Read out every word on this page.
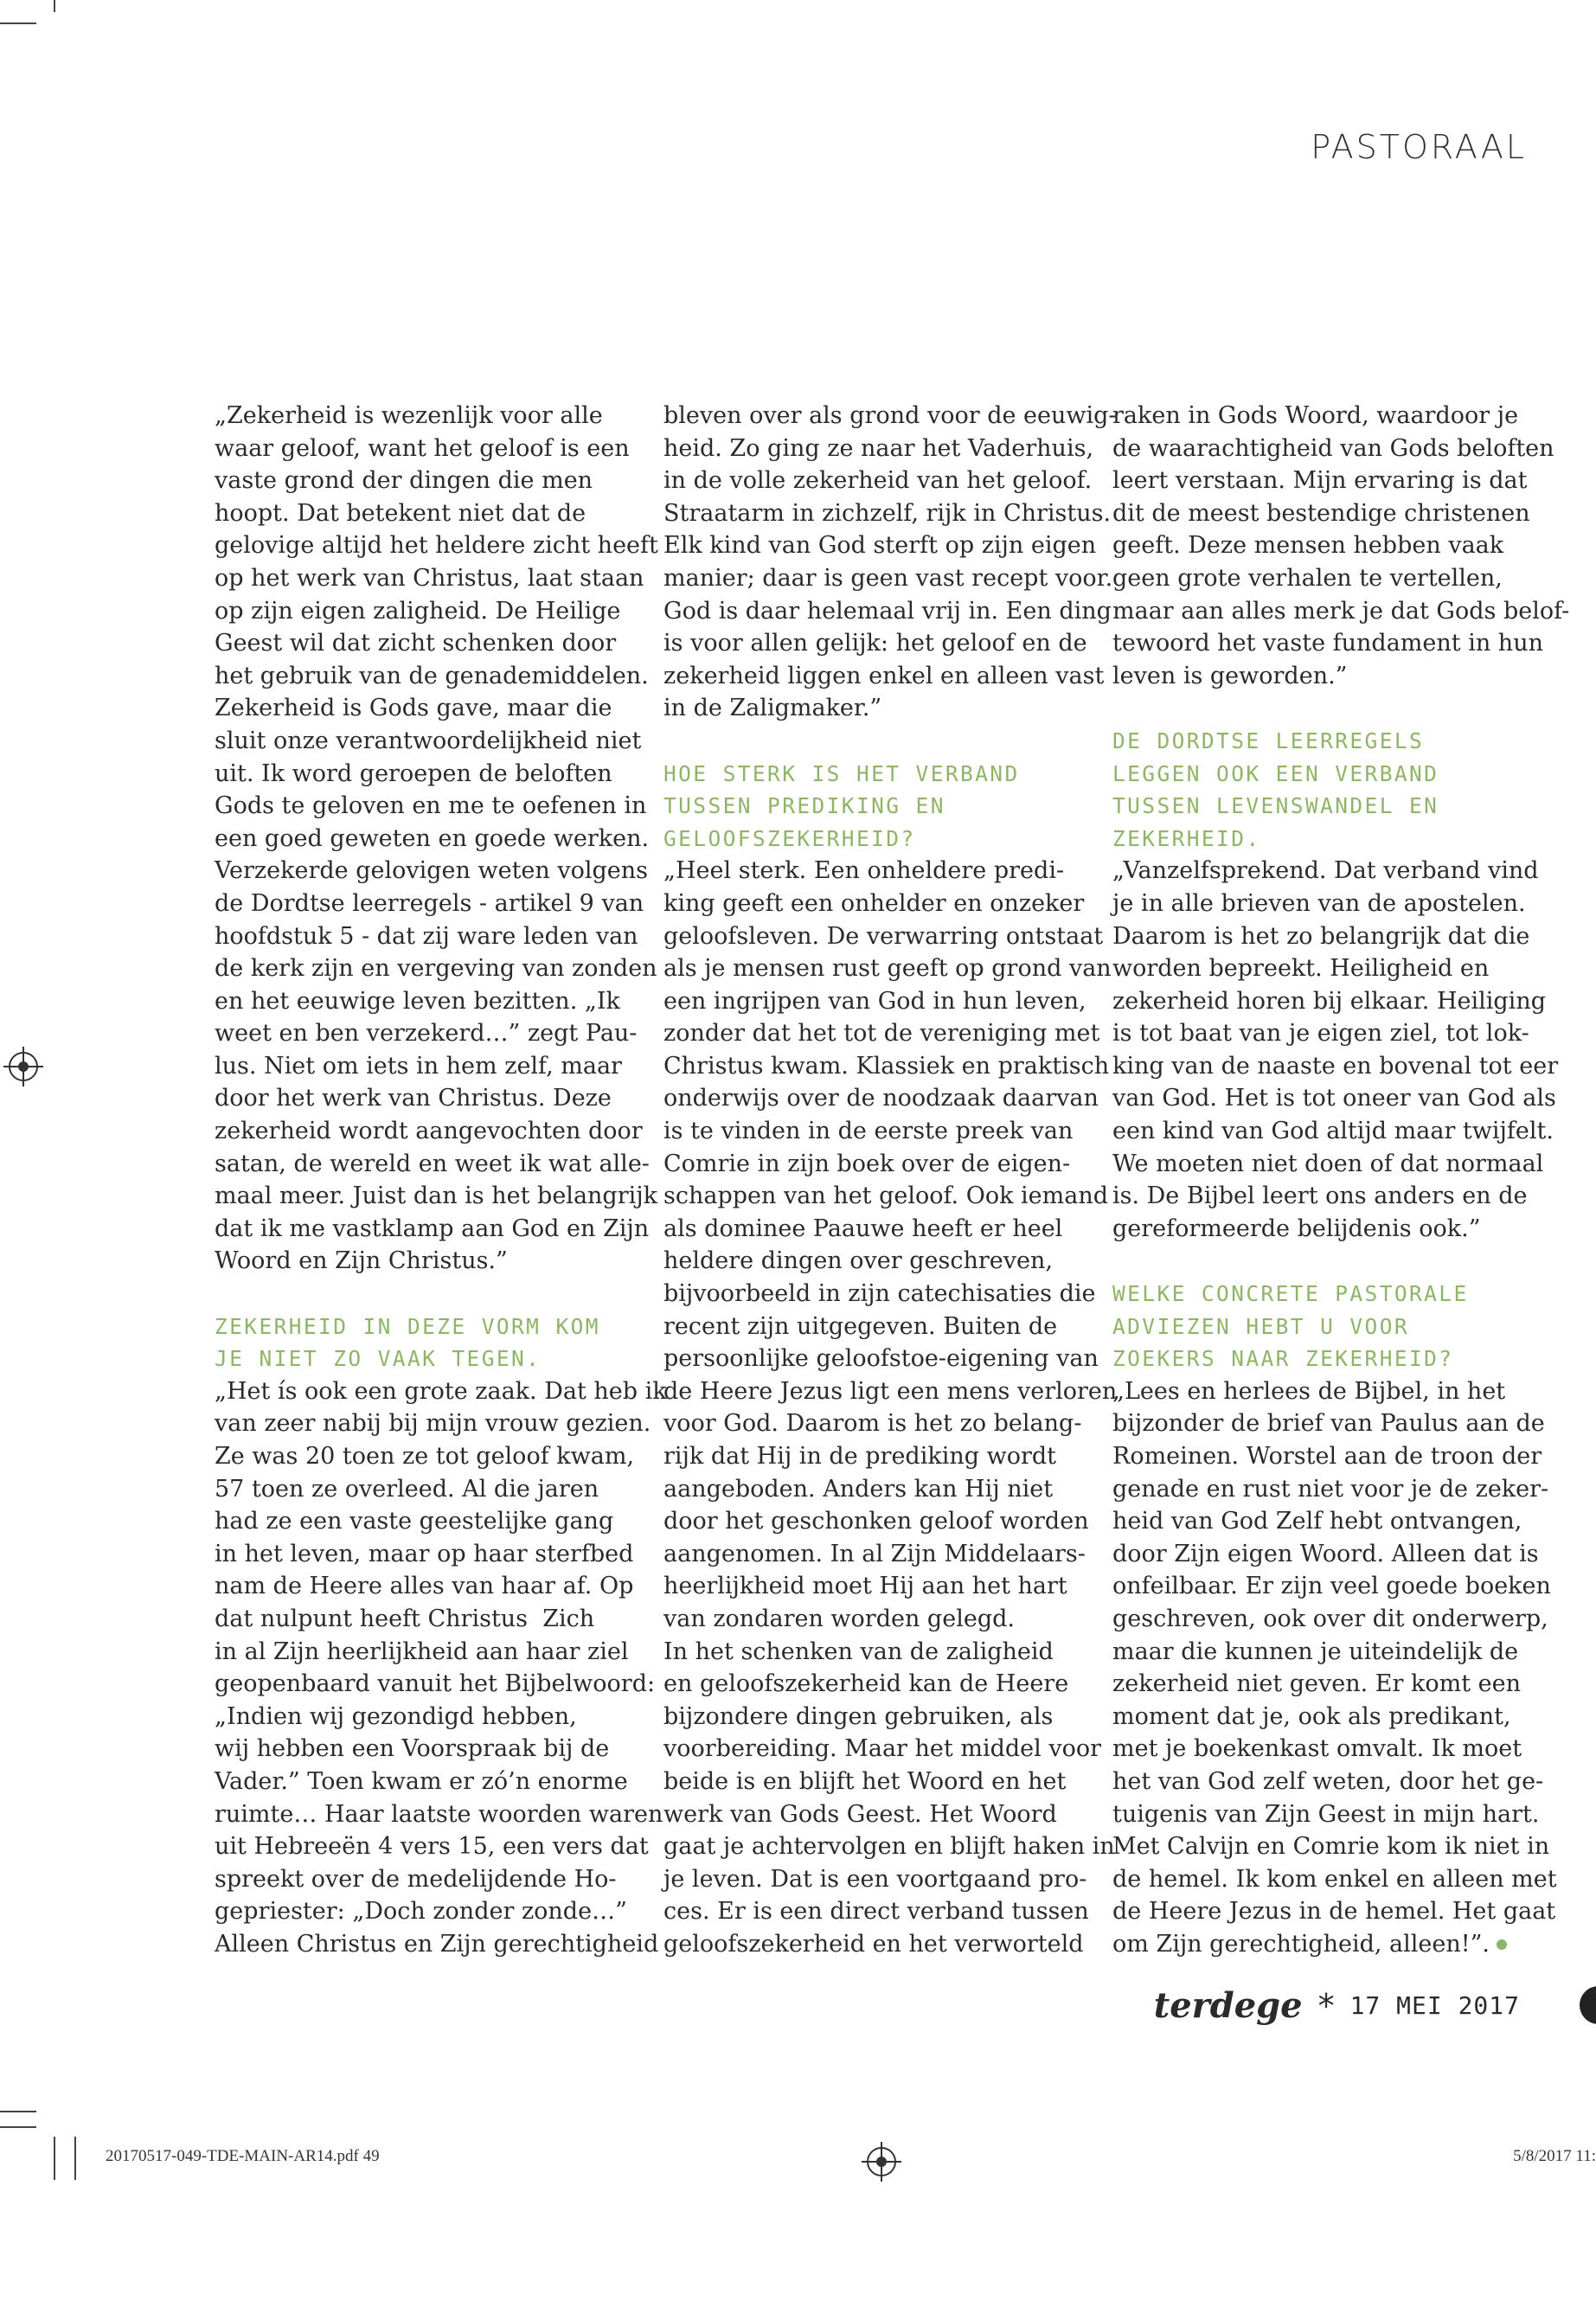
PASTORAAL

„Zekerheid is wezenlijk voor alle

waar geloof, want het geloof is een

vaste grond der dingen die men

hoopt. Dat betekent niet dat de

gelovige altijd het heldere zicht heeft

op het werk van Christus, laat staan

op zijn eigen zaligheid. De Heilige

Geest wil dat zicht schenken door

het gebruik van de genademiddelen.

Zekerheid is Gods gave, maar die

sluit onze verantwoordelijkheid niet

uit. Ik word geroepen de beloften

Gods te geloven en me te oefenen in

een goed geweten en goede werken.

Verzekerde gelovigen weten volgens

de Dordtse leerregels - artikel 9 van

hoofdstuk 5 - dat zij ware leden van

de kerk zijn en vergeving van zonden

en het eeuwige leven bezitten. „Ik

weet en ben verzekerd…” zegt Pau-

lus. Niet om iets in hem zelf, maar

door het werk van Christus. Deze

zekerheid wordt aangevochten door

satan, de wereld en weet ik wat alle-

maal meer. Juist dan is het belangrijk

dat ik me vastklamp aan God en Zijn

Woord en Zijn Christus.”

ZEKERHEID IN DEZE VORM KOM
JE NIET ZO VAAK TEGEN.

„Het ís ook een grote zaak. Dat heb ik

van zeer nabij bij mijn vrouw gezien.

Ze was 20 toen ze tot geloof kwam,

57 toen ze overleed. Al die jaren

had ze een vaste geestelijke gang

in het leven, maar op haar sterfbed

nam de Heere alles van haar af. Op

dat nulpunt heeft Christus  Zich

in al Zijn heerlijkheid aan haar ziel

geopenbaard vanuit het Bijbelwoord:

„Indien wij gezondigd hebben,

wij hebben een Voorspraak bij de

Vader.” Toen kwam er zó’n enorme

ruimte… Haar laatste woorden waren

uit Hebreeën 4 vers 15, een vers dat

spreekt over de medelijdende Ho-

gepriester: „Doch zonder zonde…”

Alleen Christus en Zijn gerechtigheid

bleven over als grond voor de eeuwig-

heid. Zo ging ze naar het Vaderhuis,

in de volle zekerheid van het geloof.

Straatarm in zichzelf, rijk in Christus.

Elk kind van God sterft op zijn eigen

manier; daar is geen vast recept voor.

God is daar helemaal vrij in. Een ding

is voor allen gelijk: het geloof en de

zekerheid liggen enkel en alleen vast

in de Zaligmaker.”

HOE STERK IS HET VERBAND
TUSSEN PREDIKING EN
GELOOFSZEKERHEID?

„Heel sterk. Een onheldere predi-

king geeft een onhelder en onzeker

geloofsleven. De verwarring ontstaat

als je mensen rust geeft op grond van

een ingrijpen van God in hun leven,

zonder dat het tot de vereniging met

Christus kwam. Klassiek en praktisch

onderwijs over de noodzaak daarvan

is te vinden in de eerste preek van

Comrie in zijn boek over de eigen-

schappen van het geloof. Ook iemand

als dominee Paauwe heeft er heel

heldere dingen over geschreven,

bijvoorbeeld in zijn catechisaties die

recent zijn uitgegeven. Buiten de

persoonlijke geloofstoe-eigening van

de Heere Jezus ligt een mens verloren

voor God. Daarom is het zo belang-

rijk dat Hij in de prediking wordt

aangeboden. Anders kan Hij niet

door het geschonken geloof worden

aangenomen. In al Zijn Middelaars-

heerlijkheid moet Hij aan het hart

van zondaren worden gelegd.

In het schenken van de zaligheid

en geloofszekerheid kan de Heere

bijzondere dingen gebruiken, als

voorbereiding. Maar het middel voor

beide is en blijft het Woord en het

werk van Gods Geest. Het Woord

gaat je achtervolgen en blijft haken in

je leven. Dat is een voortgaand pro-

ces. Er is een direct verband tussen

geloofszekerheid en het verworteld

raken in Gods Woord, waardoor je

de waarachtigheid van Gods beloften

leert verstaan. Mijn ervaring is dat

dit de meest bestendige christenen

geeft. Deze mensen hebben vaak

geen grote verhalen te vertellen,

maar aan alles merk je dat Gods belof-

tewoord het vaste fundament in hun

leven is geworden.”

DE DORDTSE LEERREGELS
LEGGEN OOK EEN VERBAND
TUSSEN LEVENSWANDEL EN
ZEKERHEID.

„Vanzelfsprekend. Dat verband vind

je in alle brieven van de apostelen.

Daarom is het zo belangrijk dat die

worden bepreekt. Heiligheid en

zekerheid horen bij elkaar. Heiliging

is tot baat van je eigen ziel, tot lok-

king van de naaste en bovenal tot eer

van God. Het is tot oneer van God als

een kind van God altijd maar twijfelt.

We moeten niet doen of dat normaal

is. De Bijbel leert ons anders en de

gereformeerde belijdenis ook.”

WELKE CONCRETE PASTORALE
ADVIEZEN HEBT U VOOR
ZOEKERS NAAR ZEKERHEID?

„Lees en herlees de Bijbel, in het

bijzonder de brief van Paulus aan de

Romeinen. Worstel aan de troon der

genade en rust niet voor je de zeker-

heid van God Zelf hebt ontvangen,

door Zijn eigen Woord. Alleen dat is

onfeilbaar. Er zijn veel goede boeken

geschreven, ook over dit onderwerp,

maar die kunnen je uiteindelijk de

zekerheid niet geven. Er komt een

moment dat je, ook als predikant,

met je boekenkast omvalt. Ik moet

het van God zelf weten, door het ge-

tuigenis van Zijn Geest in mijn hart.

Met Calvijn en Comrie kom ik niet in

de hemel. Ik kom enkel en alleen met

de Heere Jezus in de hemel. Het gaat

om Zijn gerechtigheid, alleen!”.

terdege * 17 MEI 2017
20170517-049-TDE-MAIN-AR14.pdf 49	5/8/2017 11:
